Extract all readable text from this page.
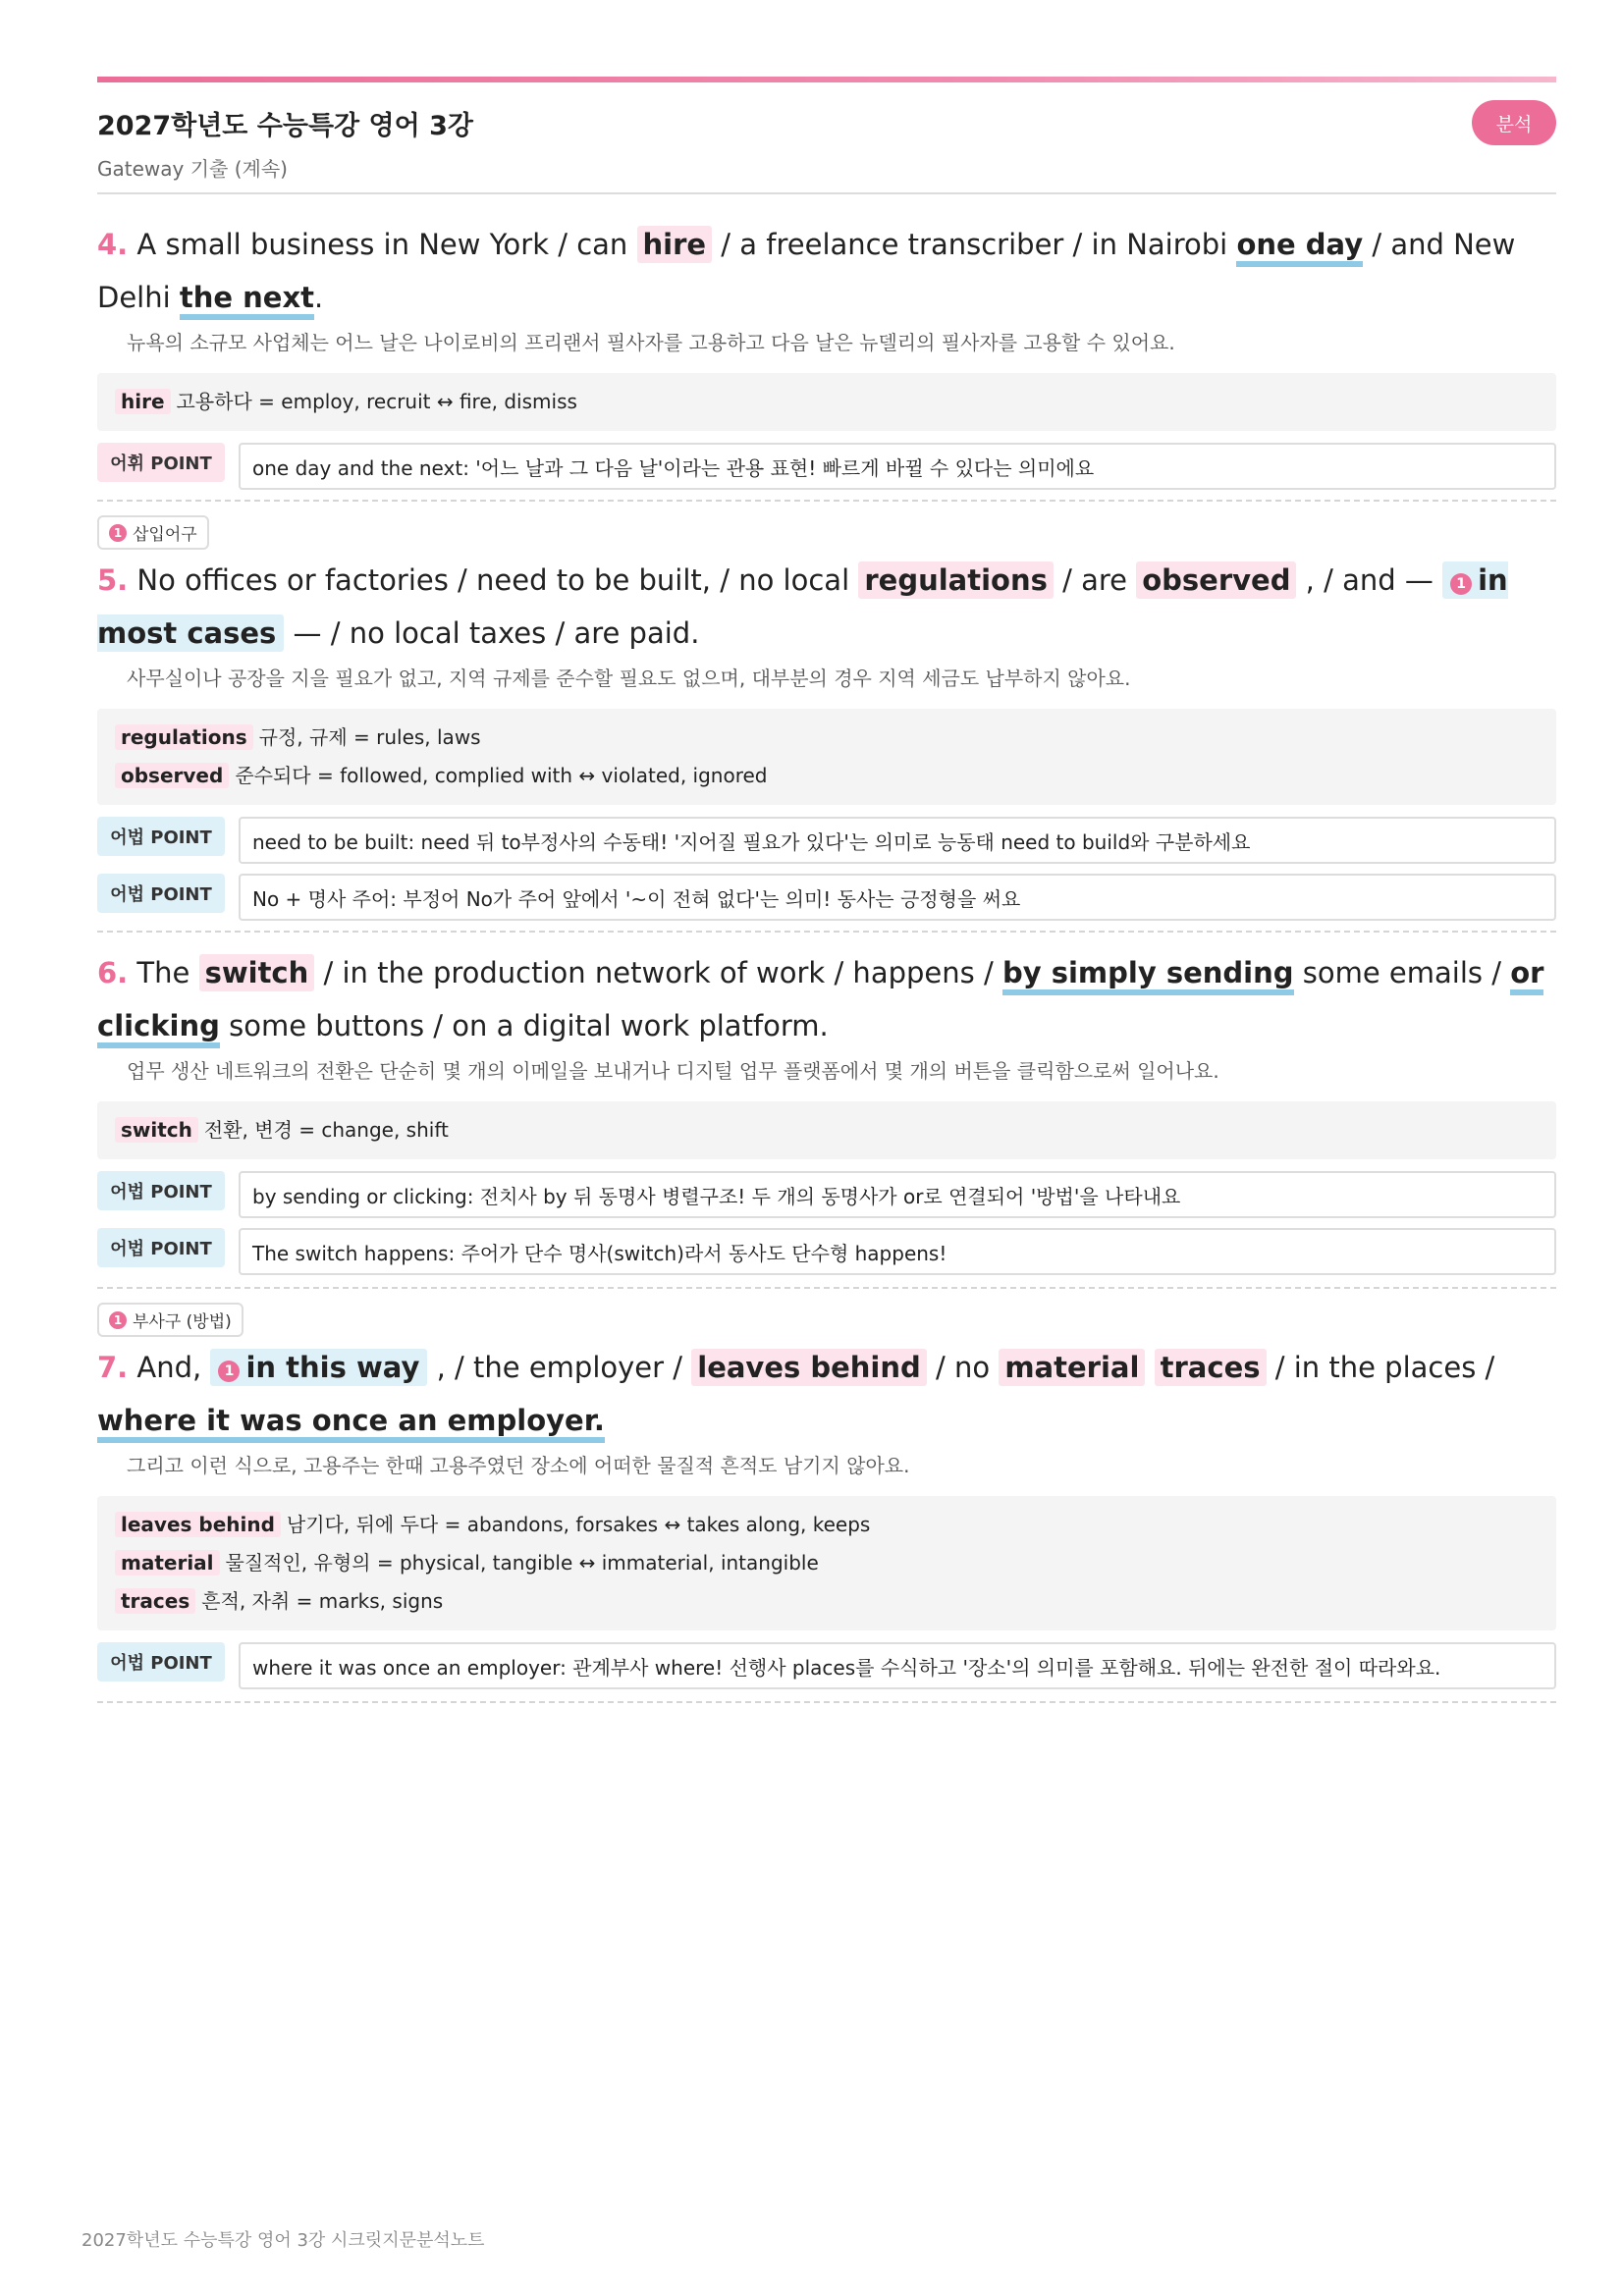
2027학년도 수능특강 영어 3강
Gateway 기출 (계속)
분석
4. A small business in New York / can hire / a freelance transcriber / in Nairobi one day / and New Delhi the next.
뉴욕의 소규모 사업체는 어느 날은 나이로비의 프리랜서 필사자를 고용하고 다음 날은 뉴델리의 필사자를 고용할 수 있어요.
hire 고용하다 = employ, recruit ↔ fire, dismiss
어휘 POINT	one day and the next: '어느 날과 그 다음 날'이라는 관용 표현! 빠르게 바뀔 수 있다는 의미에요
1 삽입어구
5. No offices or factories / need to be built, / no local regulations / are observed , / and — 1 in most cases — / no local taxes / are paid.
사무실이나 공장을 지을 필요가 없고, 지역 규제를 준수할 필요도 없으며, 대부분의 경우 지역 세금도 납부하지 않아요.
regulations 규정, 규제 = rules, laws
observed 준수되다 = followed, complied with ↔ violated, ignored
어법 POINT	need to be built: need 뒤 to부정사의 수동태! '지어질 필요가 있다'는 의미로 능동태 need to build와 구분하세요
어법 POINT	No + 명사 주어: 부정어 No가 주어 앞에서 '~이 전혀 없다'는 의미! 동사는 긍정형을 써요
6. The switch / in the production network of work / happens / by simply sending some emails / or clicking some buttons / on a digital work platform.
업무 생산 네트워크의 전환은 단순히 몇 개의 이메일을 보내거나 디지털 업무 플랫폼에서 몇 개의 버튼을 클릭함으로써 일어나요.
switch 전환, 변경 = change, shift
어법 POINT	by sending or clicking: 전치사 by 뒤 동명사 병렬구조! 두 개의 동명사가 or로 연결되어 '방법'을 나타내요
어법 POINT	The switch happens: 주어가 단수 명사(switch)라서 동사도 단수형 happens!
1 부사구 (방법)
7. And, 1 in this way , / the employer / leaves behind / no material traces / in the places / where it was once an employer.
그리고 이런 식으로, 고용주는 한때 고용주였던 장소에 어떠한 물질적 흔적도 남기지 않아요.
leaves behind 남기다, 뒤에 두다 = abandons, forsakes ↔ takes along, keeps
material 물질적인, 유형의 = physical, tangible ↔ immaterial, intangible
traces 흔적, 자취 = marks, signs
어법 POINT	where it was once an employer: 관계부사 where! 선행사 places를 수식하고 '장소'의 의미를 포함해요. 뒤에는 완전한 절이 따라와요.
2027학년도 수능특강 영어 3강 시크릿지문분석노트
